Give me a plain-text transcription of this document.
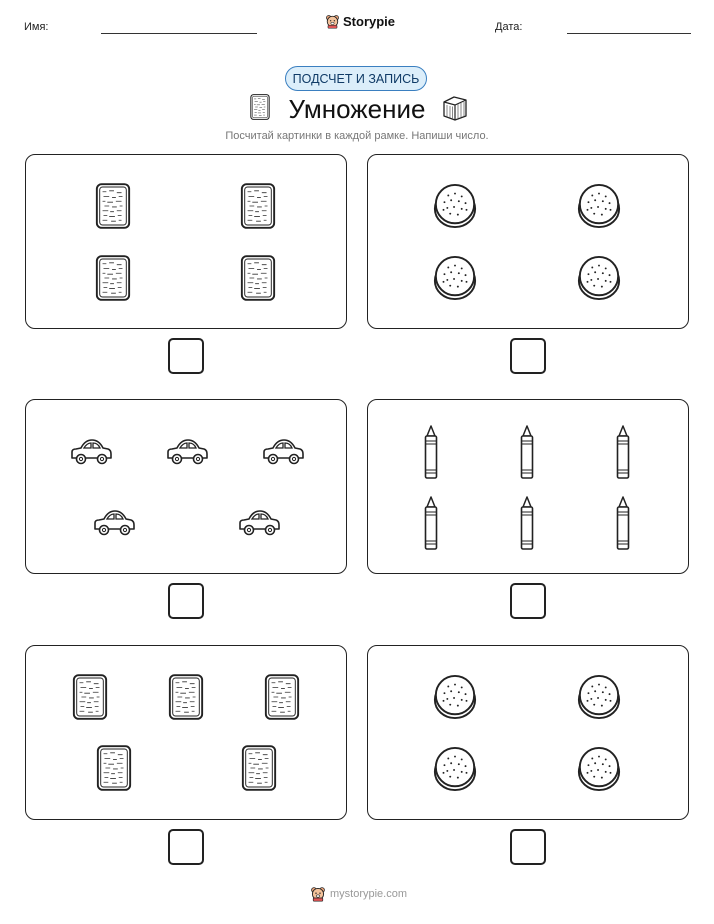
Имя:	Storypie	Дата:
ПОДСЧЕТ И ЗАПИСЬ
Умножение
Посчитай картинки в каждой рамке. Напиши число.
mystorypie.com
